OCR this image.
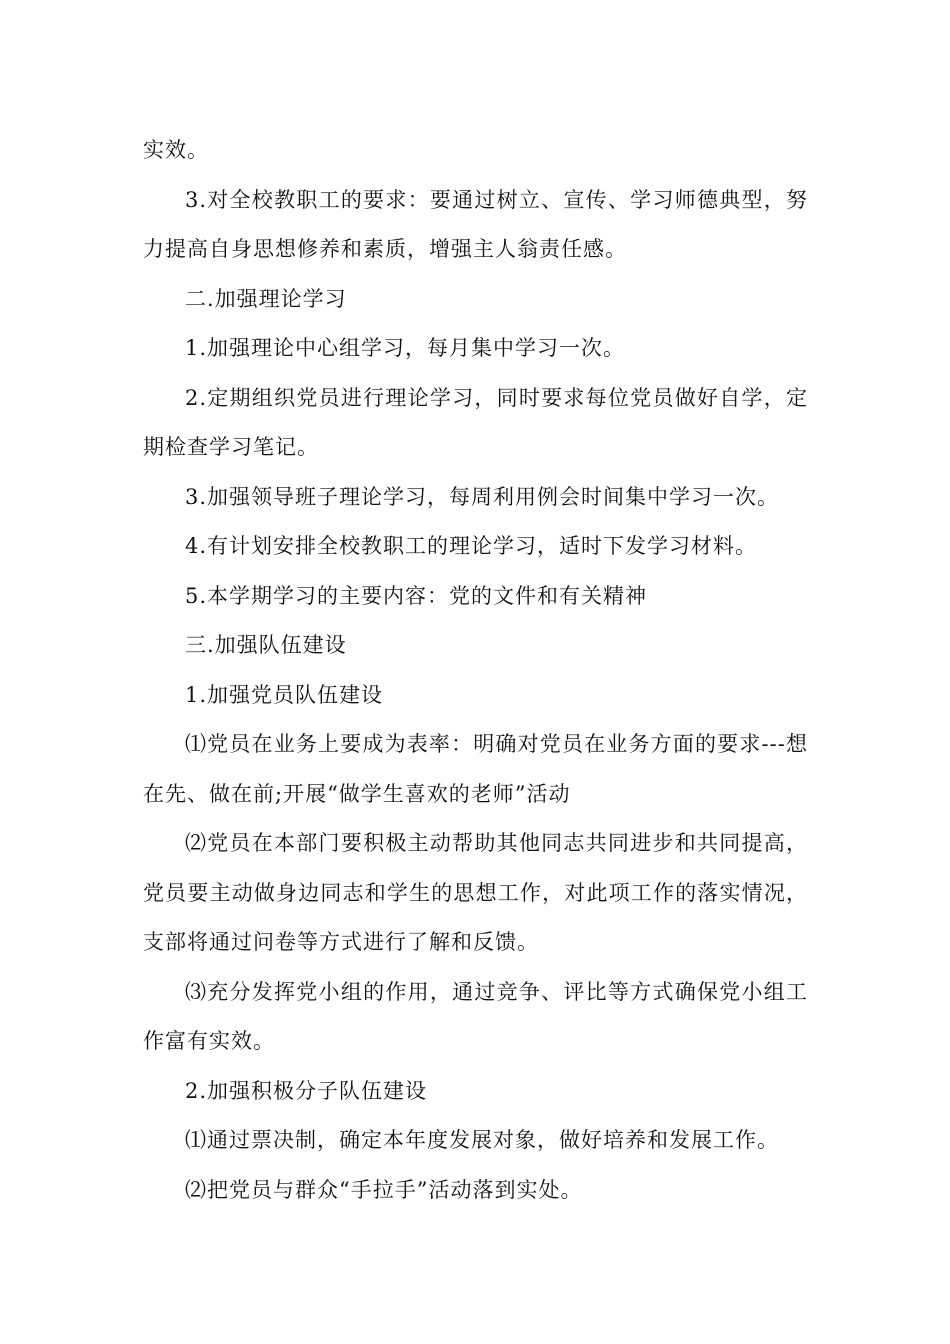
实效。

3.对全校教职工的要求：要通过树立、宣传、学习师德典型，努力提高自身思想修养和素质，增强主人翁责任感。

二.加强理论学习

1.加强理论中心组学习，每月集中学习一次。

2.定期组织党员进行理论学习，同时要求每位党员做好自学，定期检查学习笔记。

3.加强领导班子理论学习，每周利用例会时间集中学习一次。

4.有计划安排全校教职工的理论学习，适时下发学习材料。

5.本学期学习的主要内容：党的文件和有关精神

三.加强队伍建设

1.加强党员队伍建设

⑴党员在业务上要成为表率：明确对党员在业务方面的要求---想在先、做在前;开展“做学生喜欢的老师”活动

⑵党员在本部门要积极主动帮助其他同志共同进步和共同提高，党员要主动做身边同志和学生的思想工作，对此项工作的落实情况，支部将通过问卷等方式进行了解和反馈。

⑶充分发挥党小组的作用，通过竞争、评比等方式确保党小组工作富有实效。

2.加强积极分子队伍建设

⑴通过票决制，确定本年度发展对象，做好培养和发展工作。

⑵把党员与群众“手拉手”活动落到实处。
